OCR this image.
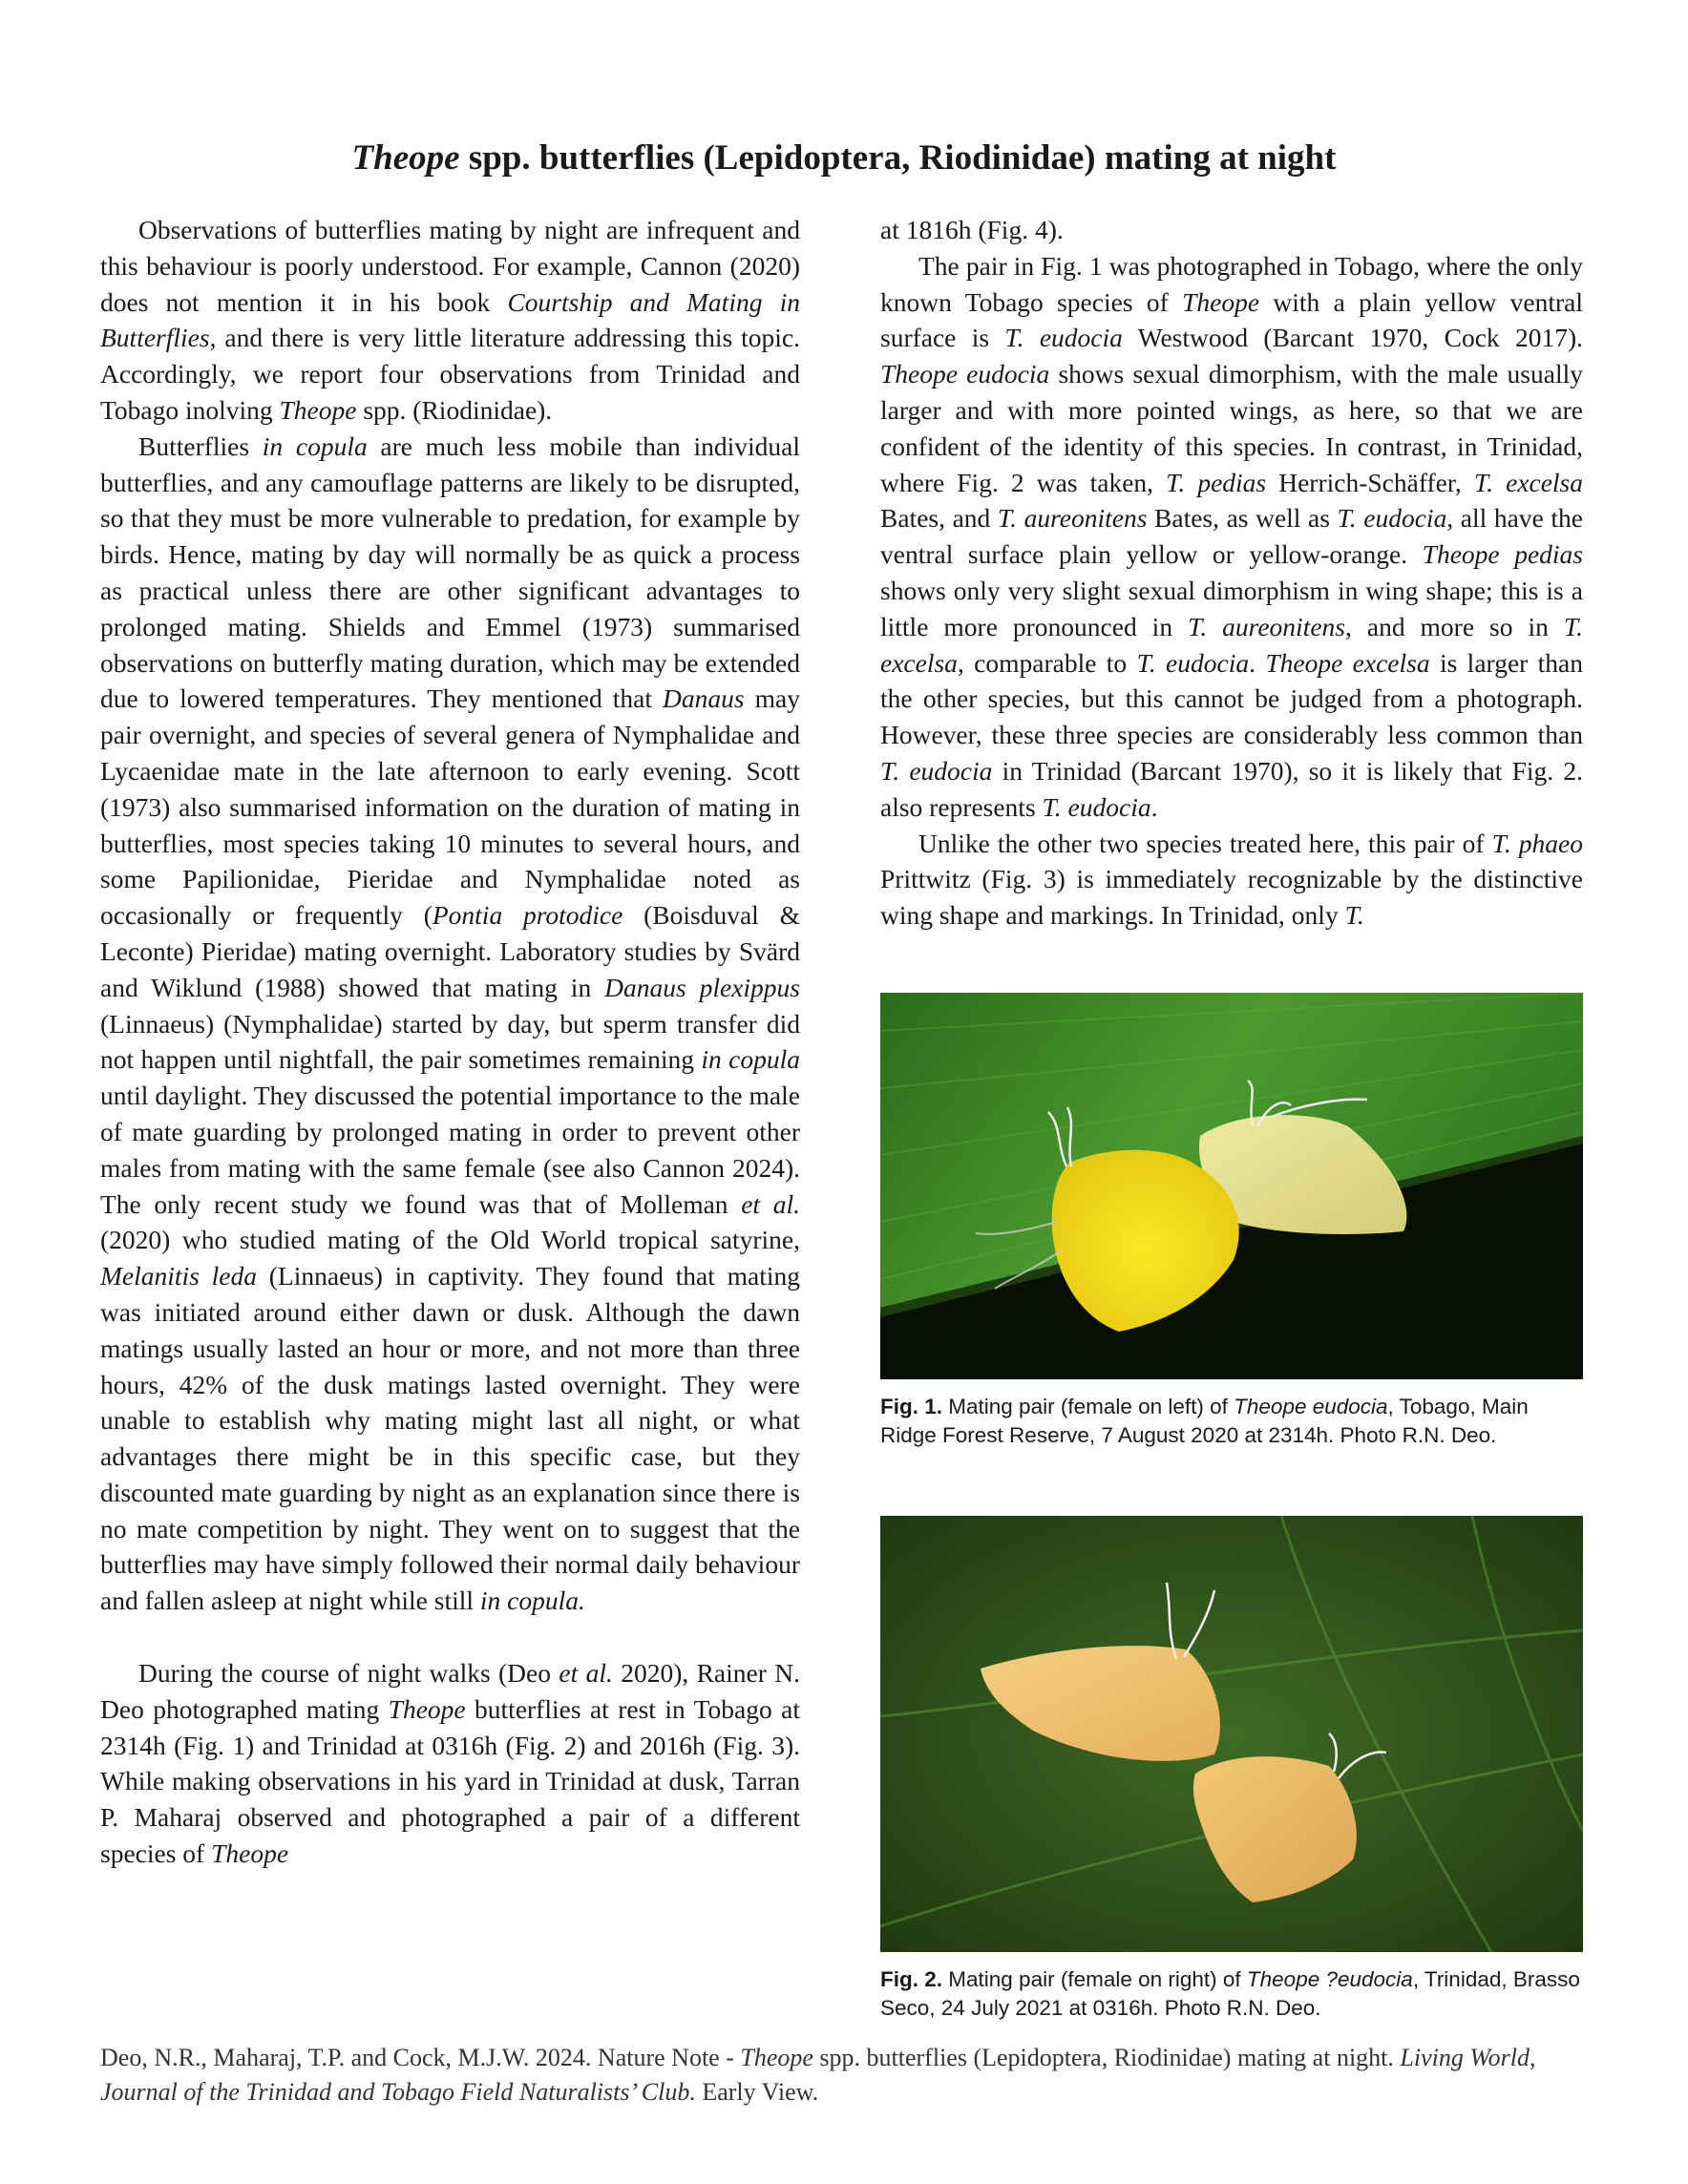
Theope spp. butterflies (Lepidoptera, Riodinidae) mating at night

Observations of butterflies mating by night are infrequent and this behaviour is poorly understood. For example, Cannon (2020) does not mention it in his book Courtship and Mating in Butterflies, and there is very little literature addressing this topic. Accordingly, we report four observations from Trinidad and Tobago inolving Theope spp. (Riodinidae).

Butterflies in copula are much less mobile than individual butterflies, and any camouflage patterns are likely to be disrupted, so that they must be more vulnerable to predation, for example by birds. Hence, mating by day will normally be as quick a process as practical unless there are other significant advantages to prolonged mating. Shields and Emmel (1973) summarised observations on butterfly mating duration, which may be extended due to lowered temperatures. They mentioned that Danaus may pair overnight, and species of several genera of Nymphalidae and Lycaenidae mate in the late afternoon to early evening. Scott (1973) also summarised information on the duration of mating in butterflies, most species taking 10 minutes to several hours, and some Papilionidae, Pieridae and Nymphalidae noted as occasionally or frequently (Pontia protodice (Boisduval & Leconte) Pieridae) mating overnight. Laboratory studies by Svärd and Wiklund (1988) showed that mating in Danaus plexippus (Linnaeus) (Nymphalidae) started by day, but sperm transfer did not happen until nightfall, the pair sometimes remaining in copula until daylight. They discussed the potential importance to the male of mate guarding by prolonged mating in order to prevent other males from mating with the same female (see also Cannon 2024). The only recent study we found was that of Molleman et al. (2020) who studied mating of the Old World tropical satyrine, Melanitis leda (Linnaeus) in captivity. They found that mating was initiated around either dawn or dusk. Although the dawn matings usually lasted an hour or more, and not more than three hours, 42% of the dusk matings lasted overnight. They were unable to establish why mating might last all night, or what advantages there might be in this specific case, but they discounted mate guarding by night as an explanation since there is no mate competition by night. They went on to suggest that the butterflies may have simply followed their normal daily behaviour and fallen asleep at night while still in copula.

During the course of night walks (Deo et al. 2020), Rainer N. Deo photographed mating Theope butterflies at rest in Tobago at 2314h (Fig. 1) and Trinidad at 0316h (Fig. 2) and 2016h (Fig. 3). While making observations in his yard in Trinidad at dusk, Tarran P. Maharaj observed and photographed a pair of a different species of Theope

at 1816h (Fig. 4).

The pair in Fig. 1 was photographed in Tobago, where the only known Tobago species of Theope with a plain yellow ventral surface is T. eudocia Westwood (Barcant 1970, Cock 2017). Theope eudocia shows sexual dimorphism, with the male usually larger and with more pointed wings, as here, so that we are confident of the identity of this species. In contrast, in Trinidad, where Fig. 2 was taken, T. pedias Herrich-Schäffer, T. excelsa Bates, and T. aureonitens Bates, as well as T. eudocia, all have the ventral surface plain yellow or yellow-orange. Theope pedias shows only very slight sexual dimorphism in wing shape; this is a little more pronounced in T. aureonitens, and more so in T. excelsa, comparable to T. eudocia. Theope excelsa is larger than the other species, but this cannot be judged from a photograph. However, these three species are considerably less common than T. eudocia in Trinidad (Barcant 1970), so it is likely that Fig. 2. also represents T. eudocia.

Unlike the other two species treated here, this pair of T. phaeo Prittwitz (Fig. 3) is immediately recognizable by the distinctive wing shape and markings. In Trinidad, only T.

Fig. 1. Mating pair (female on left) of Theope eudocia, Tobago, Main Ridge Forest Reserve, 7 August 2020 at 2314h. Photo R.N. Deo.
Fig. 2. Mating pair (female on right) of Theope ?eudocia, Trinidad, Brasso Seco, 24 July 2021 at 0316h. Photo R.N. Deo.
Deo, N.R., Maharaj, T.P. and Cock, M.J.W. 2024. Nature Note - Theope spp. butterflies (Lepidoptera, Riodinidae) mating at night. Living World, Journal of the Trinidad and Tobago Field Naturalists’ Club. Early View.
